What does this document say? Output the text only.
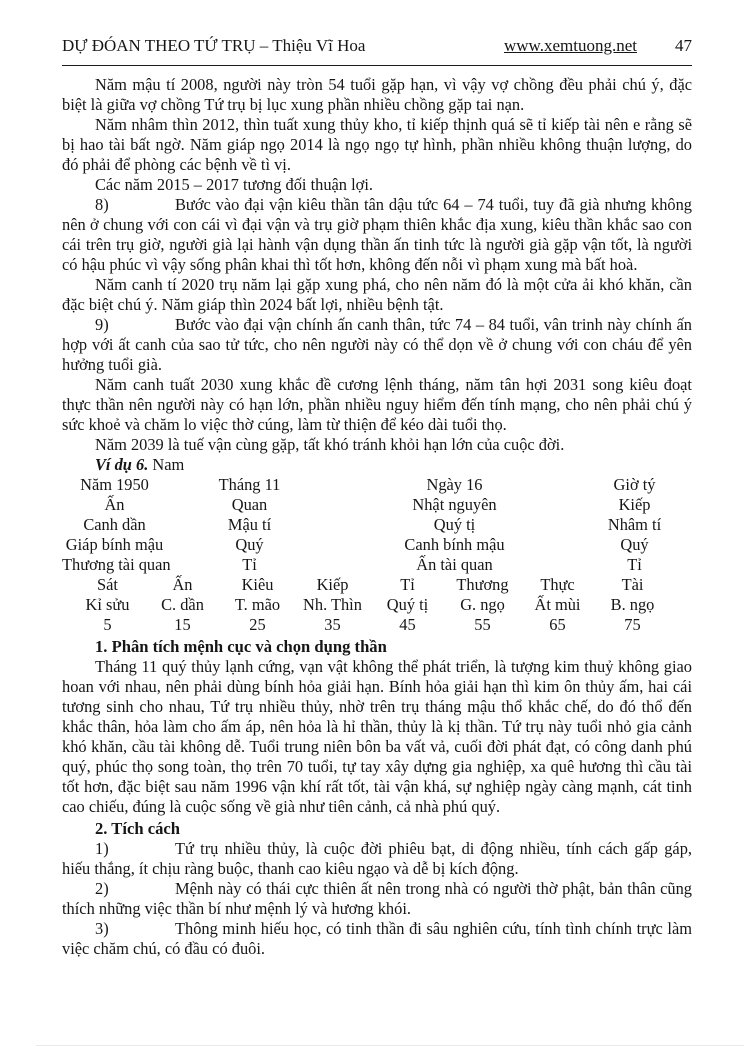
DỰ ĐÓAN THEO TỨ TRỤ – Thiệu Vĩ Hoa	www.xemtuong.net 47

Năm mậu tí 2008, người này tròn 54 tuổi gặp hạn, vì vậy vợ chồng đều phải chú ý, đặc biệt là giữa vợ chồng Tứ trụ bị lục xung phần nhiều chồng gặp tai nạn.

Năm nhâm thìn 2012, thìn tuất xung thủy kho, tỉ kiếp thịnh quá sẽ tỉ kiếp tài nên e rằng sẽ bị hao tài bất ngờ. Năm giáp ngọ 2014 là ngọ ngọ tự hình, phần nhiều không thuận lượng, do đó phải để phòng các bệnh về tì vị.

Các năm 2015 – 2017 tương đối thuận lợi.

8)	Bước vào đại vận kiêu thần tân dậu tức 64 – 74 tuổi, tuy đã già nhưng không nên ở chung với con cái vì đại vận và trụ giờ phạm thiên khắc địa xung, kiêu thần khắc sao con cái trên trụ giờ, người già lại hành vận dụng thần ấn tinh tức là người già gặp vận tốt, là người có hậu phúc vì vậy sống phân khai thì tốt hơn, không đến nỗi vì phạm xung mà bất hoà.

Năm canh tí 2020 trụ năm lại gặp xung phá, cho nên năm đó là một cửa ải khó khăn, cần đặc biệt chú ý. Năm giáp thìn 2024 bất lợi, nhiều bệnh tật.

9)	Bước vào đại vận chính ấn canh thân, tức 74 – 84 tuổi, vân trinh này chính ấn hợp với ất canh của sao tử tức, cho nên người này có thể dọn về ở chung với con cháu để yên hưởng tuổi già.

Năm canh tuất 2030 xung khắc đề cương lệnh tháng, năm tân hợi 2031 song kiêu đoạt thực thần nên người này có hạn lớn, phần nhiều nguy hiểm đến tính mạng, cho nên phải chú ý sức khoẻ và chăm lo việc thờ cúng, làm từ thiện để kéo dài tuổi thọ.

Năm 2039 là tuế vận cùng gặp, tất khó tránh khỏi hạn lớn của cuộc đời.

Ví dụ 6. Nam

Năm 1950	Tháng 11	Ngày 16	Giờ tý
Ấn	Quan	Nhật nguyên	Kiếp
Canh dần	Mậu tí	Quý tị	Nhâm tí
Giáp bính mậu	Quý	Canh bính mậu	Quý
Thương tài quan	Tỉ	Ấn tài quan	Tỉ
Sát	Ấn	Kiêu	Kiếp	Tỉ	Thương	Thực	Tài
Kỉ sửu	C. dần	T. mão	Nh. Thìn	Quý tị	G. ngọ	Ất mùi	B. ngọ
5	15	25	35	45	55	65	75

1. Phân tích mệnh cục và chọn dụng thần

Tháng 11 quý thủy lạnh cứng, vạn vật không thể phát triển, là tượng kim thuỷ không giao hoan với nhau, nên phải dùng bính hỏa giải hạn. Bính hỏa giải hạn thì kim ôn thủy ấm, hai cái tương sinh cho nhau, Tứ trụ nhiều thủy, nhờ trên trụ tháng mậu thổ khắc chế, do đó thổ đến khắc thân, hỏa làm cho ấm áp, nên hỏa là hỉ thần, thủy là kị thần. Tứ trụ này tuổi nhỏ gia cảnh khó khăn, cầu tài không dễ. Tuổi trung niên bôn ba vất vả, cuối đời phát đạt, có công danh phú quý, phúc thọ song toàn, thọ trên 70 tuổi, tự tay xây dựng gia nghiệp, xa quê hương thì cầu tài tốt hơn, đặc biệt sau năm 1996 vận khí rất tốt, tài vận khá, sự nghiệp ngày càng mạnh, cát tinh cao chiếu, đúng là cuộc sống về già như tiên cảnh, cả nhà phú quý.

2. Tích cách

1)	Tứ trụ nhiều thủy, là cuộc đời phiêu bạt, di động nhiều, tính cách gấp gáp, hiếu thắng, ít chịu ràng buộc, thanh cao kiêu ngạo và dễ bị kích động.

2)	Mệnh này có thái cực thiên ất nên trong nhà có người thờ phật, bản thân cũng thích những việc thần bí như mệnh lý và hương khói.

3)	Thông minh hiếu học, có tinh thần đi sâu nghiên cứu, tính tình chính trực làm việc chăm chú, có đầu có đuôi.
